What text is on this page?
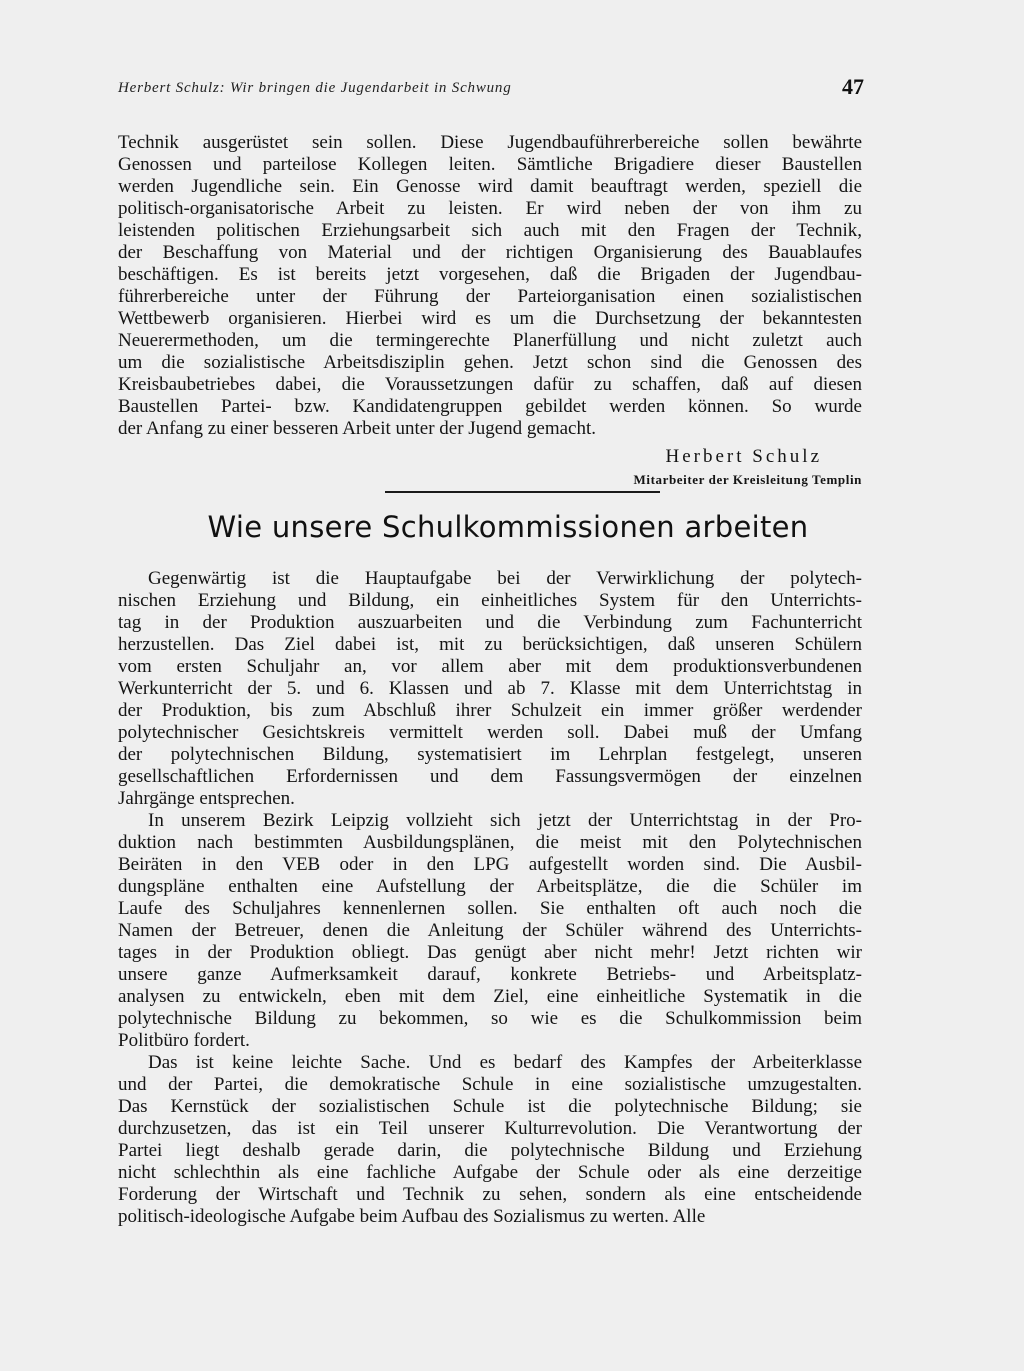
Herbert Schulz: Wir bringen die Jugendarbeit in Schwung	47
Technik ausgerüstet sein sollen. Diese Jugendbauführerbereiche sollen bewährte
Genossen und parteilose Kollegen leiten. Sämtliche Brigadiere dieser Baustellen
werden Jugendliche sein. Ein Genosse wird damit beauftragt werden, speziell die
politisch-organisatorische Arbeit zu leisten. Er wird neben der von ihm zu
leistenden politischen Erziehungsarbeit sich auch mit den Fragen der Technik,
der Beschaffung von Material und der richtigen Organisierung des Bauablaufes
beschäftigen. Es ist bereits jetzt vorgesehen, daß die Brigaden der Jugendbau-
führerbereiche unter der Führung der Parteiorganisation einen sozialistischen
Wettbewerb organisieren. Hierbei wird es um die Durchsetzung der bekanntesten
Neuerermethoden, um die termingerechte Planerfüllung und nicht zuletzt auch
um die sozialistische Arbeitsdisziplin gehen. Jetzt schon sind die Genossen des
Kreisbaubetriebes dabei, die Voraussetzungen dafür zu schaffen, daß auf diesen
Baustellen Partei- bzw. Kandidatengruppen gebildet werden können. So wurde
der Anfang zu einer besseren Arbeit unter der Jugend gemacht.
Herbert Schulz
Mitarbeiter der Kreisleitung Templin
Wie unsere Schulkommissionen arbeiten
Gegenwärtig ist die Hauptaufgabe bei der Verwirklichung der polytech-
nischen Erziehung und Bildung, ein einheitliches System für den Unterrichts-
tag in der Produktion auszuarbeiten und die Verbindung zum Fachunterricht
herzustellen. Das Ziel dabei ist, mit zu berücksichtigen, daß unseren Schülern
vom ersten Schuljahr an, vor allem aber mit dem produktionsverbundenen
Werkunterricht der 5. und 6. Klassen und ab 7. Klasse mit dem Unterrichtstag in
der Produktion, bis zum Abschluß ihrer Schulzeit ein immer größer werdender
polytechnischer Gesichtskreis vermittelt werden soll. Dabei muß der Umfang
der polytechnischen Bildung, systematisiert im Lehrplan festgelegt, unseren
gesellschaftlichen Erfordernissen und dem Fassungsvermögen der einzelnen
Jahrgänge entsprechen.
In unserem Bezirk Leipzig vollzieht sich jetzt der Unterrichtstag in der Pro-
duktion nach bestimmten Ausbildungsplänen, die meist mit den Polytechnischen
Beiräten in den VEB oder in den LPG aufgestellt worden sind. Die Ausbil-
dungspläne enthalten eine Aufstellung der Arbeitsplätze, die die Schüler im
Laufe des Schuljahres kennenlernen sollen. Sie enthalten oft auch noch die
Namen der Betreuer, denen die Anleitung der Schüler während des Unterrichts-
tages in der Produktion obliegt. Das genügt aber nicht mehr! Jetzt richten wir
unsere ganze Aufmerksamkeit darauf, konkrete Betriebs- und Arbeitsplatz-
analysen zu entwickeln, eben mit dem Ziel, eine einheitliche Systematik in die
polytechnische Bildung zu bekommen, so wie es die Schulkommission beim
Politbüro fordert.
Das ist keine leichte Sache. Und es bedarf des Kampfes der Arbeiterklasse
und der Partei, die demokratische Schule in eine sozialistische umzugestalten.
Das Kernstück der sozialistischen Schule ist die polytechnische Bildung; sie
durchzusetzen, das ist ein Teil unserer Kulturrevolution. Die Verantwortung der
Partei liegt deshalb gerade darin, die polytechnische Bildung und Erziehung
nicht schlechthin als eine fachliche Aufgabe der Schule oder als eine derzeitige
Forderung der Wirtschaft und Technik zu sehen, sondern als eine entscheidende
politisch-ideologische Aufgabe beim Aufbau des Sozialismus zu werten. Alle
